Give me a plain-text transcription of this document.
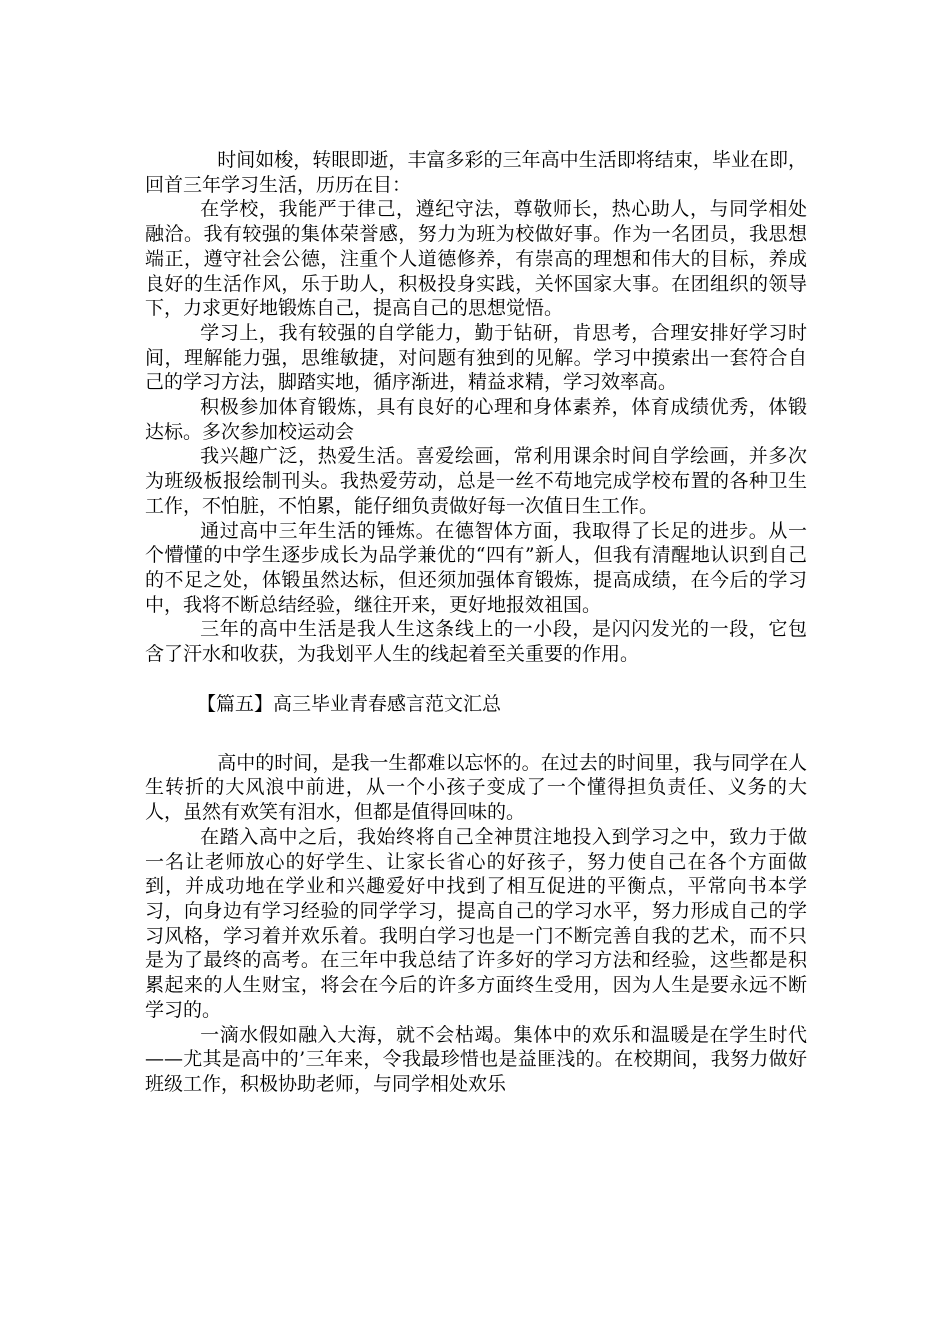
时间如梭，转眼即逝，丰富多彩的三年高中生活即将结束，毕业在即，回首三年学习生活，历历在目：

在学校，我能严于律己，遵纪守法，尊敬师长，热心助人，与同学相处融洽。我有较强的集体荣誉感，努力为班为校做好事。作为一名团员，我思想端正，遵守社会公德，注重个人道德修养，有崇高的理想和伟大的目标，养成良好的生活作风，乐于助人，积极投身实践，关怀国家大事。在团组织的领导下，力求更好地锻炼自己，提高自己的思想觉悟。

学习上，我有较强的自学能力，勤于钻研，肯思考，合理安排好学习时间，理解能力强，思维敏捷，对问题有独到的见解。学习中摸索出一套符合自己的学习方法，脚踏实地，循序渐进，精益求精，学习效率高。

积极参加体育锻炼，具有良好的心理和身体素养，体育成绩优秀，体锻达标。多次参加校运动会

我兴趣广泛，热爱生活。喜爱绘画，常利用课余时间自学绘画，并多次为班级板报绘制刊头。我热爱劳动，总是一丝不苟地完成学校布置的各种卫生工作，不怕脏，不怕累，能仔细负责做好每一次值日生工作。

通过高中三年生活的锤炼。在德智体方面，我取得了长足的进步。从一个懵懂的中学生逐步成长为品学兼优的“四有”新人，但我有清醒地认识到自己的不足之处，体锻虽然达标，但还须加强体育锻炼，提高成绩，在今后的学习中，我将不断总结经验，继往开来，更好地报效祖国。

三年的高中生活是我人生这条线上的一小段，是闪闪发光的一段，它包含了汗水和收获，为我划平人生的线起着至关重要的作用。

【篇五】高三毕业青春感言范文汇总

高中的时间，是我一生都难以忘怀的。在过去的时间里，我与同学在人生转折的大风浪中前进，从一个小孩子变成了一个懂得担负责任、义务的大人，虽然有欢笑有泪水，但都是值得回味的。

在踏入高中之后，我始终将自己全神贯注地投入到学习之中，致力于做一名让老师放心的好学生、让家长省心的好孩子，努力使自己在各个方面做到，并成功地在学业和兴趣爱好中找到了相互促进的平衡点，平常向书本学习，向身边有学习经验的同学学习，提高自己的学习水平，努力形成自己的学习风格，学习着并欢乐着。我明白学习也是一门不断完善自我的艺术，而不只是为了最终的高考。在三年中我总结了许多好的学习方法和经验，这些都是积累起来的人生财宝，将会在今后的许多方面终生受用，因为人生是要永远不断学习的。

一滴水假如融入大海，就不会枯竭。集体中的欢乐和温暖是在学生时代——尤其是高中的’三年来，令我最珍惜也是益匪浅的。在校期间，我努力做好班级工作，积极协助老师，与同学相处欢乐
